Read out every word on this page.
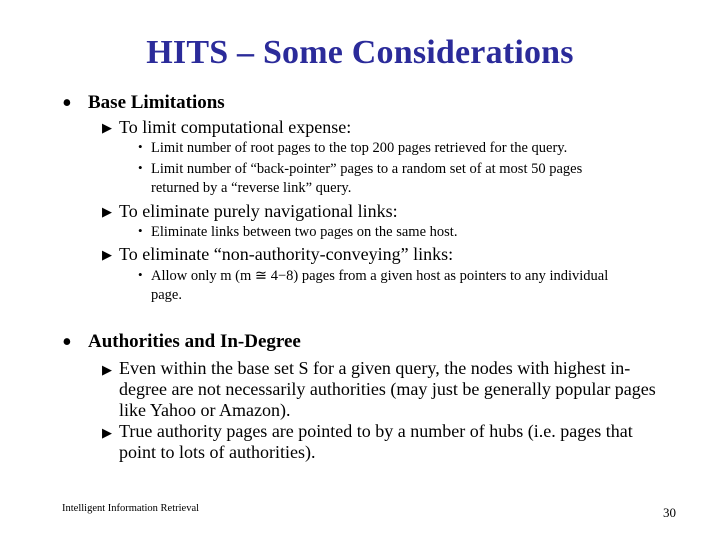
HITS – Some Considerations
• Base Limitations
▶ To limit computational expense:
• Limit number of root pages to the top 200 pages retrieved for the query.
• Limit number of “back-pointer” pages to a random set of at most 50 pages
returned by a “reverse link” query.
▶ To eliminate purely navigational links:
• Eliminate links between two pages on the same host.
▶ To eliminate “non-authority-conveying” links:
• Allow only m (m ≅ 4−8) pages from a given host as pointers to any individual
page.
• Authorities and In-Degree
▶ Even within the base set S for a given query, the nodes with highest in-
degree are not necessarily authorities (may just be generally popular pages
like Yahoo or Amazon).
▶ True authority pages are pointed to by a number of hubs (i.e. pages that
point to lots of authorities).
Intelligent Information Retrieval	30
